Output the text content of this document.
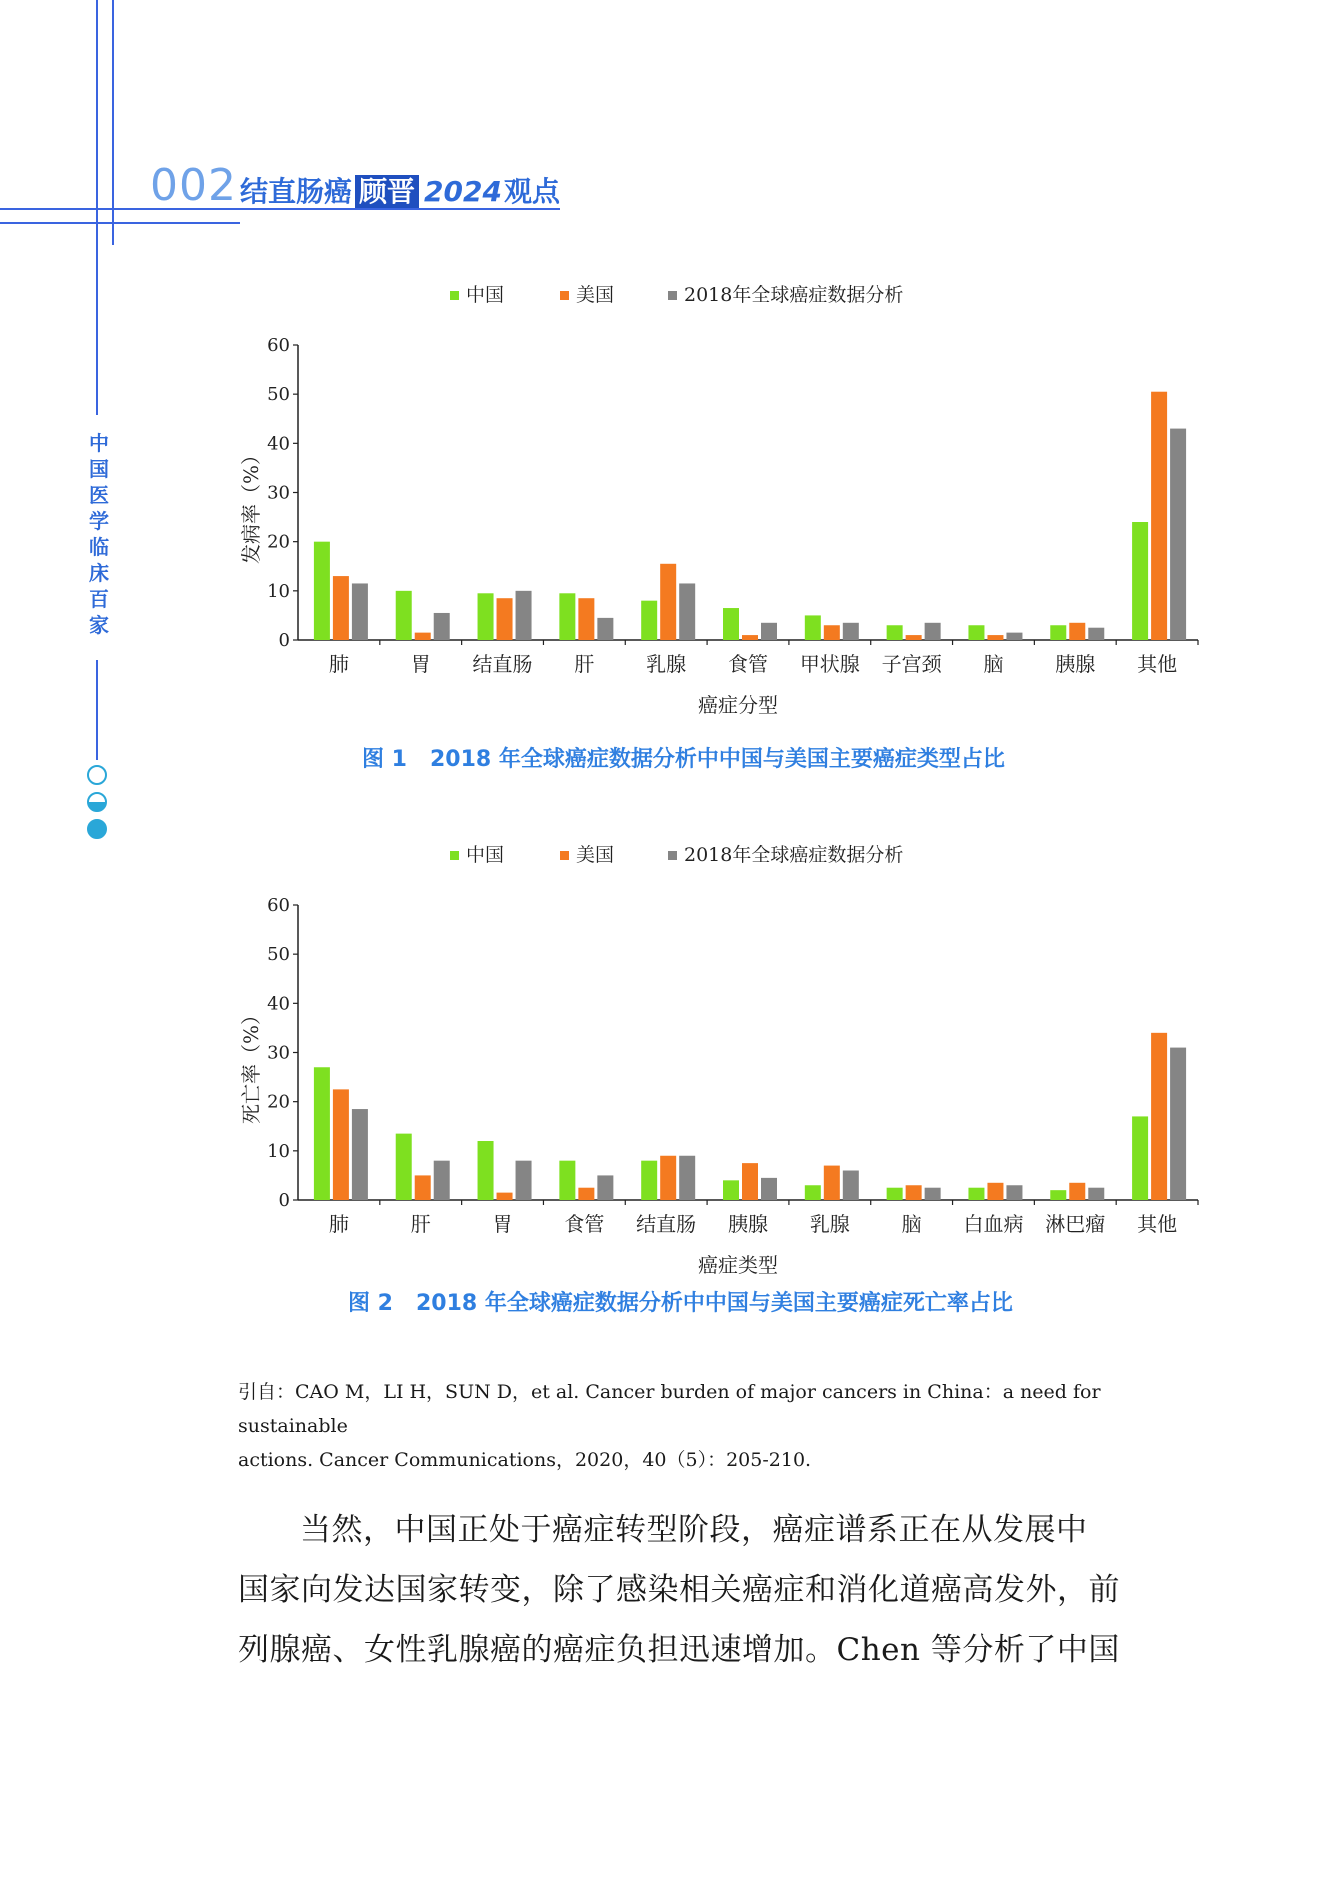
002 结直肠癌 顾晋 2024观点
中国医学临床百家
中国	美国	2018年全球癌症数据分析
0
10
20
30
40
50
60
发病率（%）
肺	胃 结直肠 肝	乳腺 食管 甲状腺 子宫颈 脑	胰腺 其他
癌症分型
图 1 2018 年全球癌症数据分析中中国与美国主要癌症类型占比
中国	美国	2018年全球癌症数据分析
0
10
20
30
40
50
60
死亡率（%）
肺	肝	胃	食管 结直肠 胰腺 乳腺	脑 白血病 淋巴瘤 其他
癌症类型
图 2 2018 年全球癌症数据分析中中国与美国主要癌症死亡率占比
引自：CAO M，LI H，SUN D，et al. Cancer burden of major cancers in China：a need for sustainable
actions. Cancer Communications，2020，40（5）：205-210.

当然，中国正处于癌症转型阶段，癌症谱系正在从发展中

国家向发达国家转变，除了感染相关癌症和消化道癌高发外，前

列腺癌、女性乳腺癌的癌症负担迅速增加。Chen 等分析了中国
